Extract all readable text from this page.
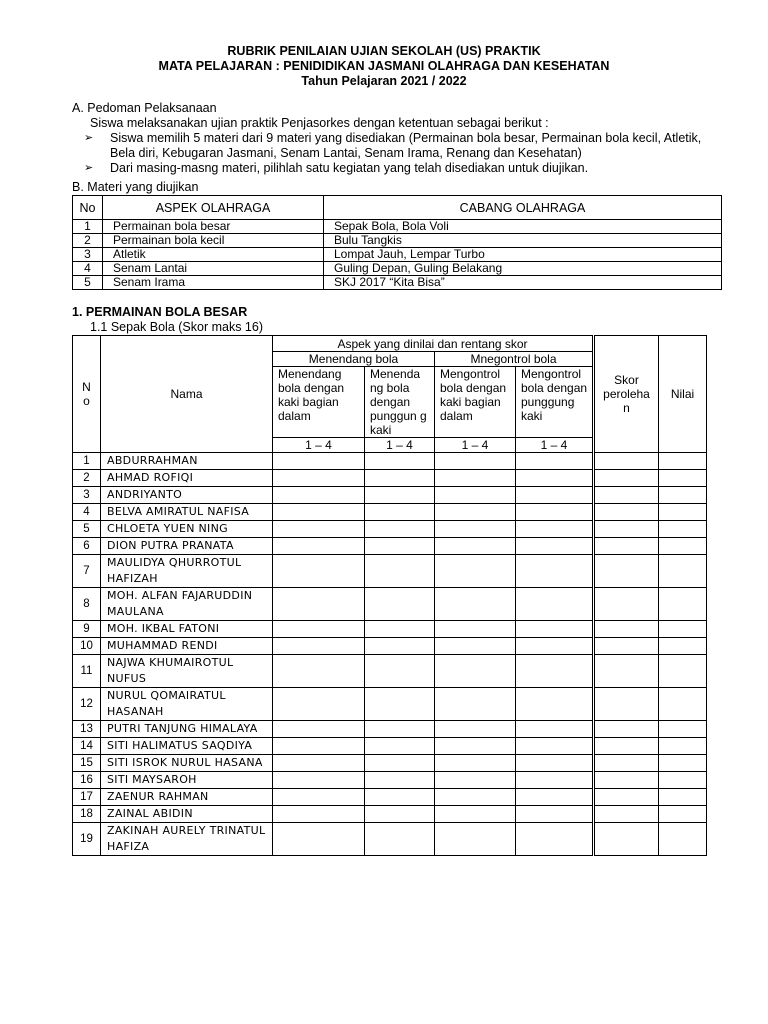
RUBRIK PENILAIAN UJIAN SEKOLAH (US) PRAKTIK
MATA PELAJARAN : PENIDIDIKAN JASMANI OLAHRAGA DAN KESEHATAN
Tahun Pelajaran 2021 / 2022
A. Pedoman Pelaksanaan
Siswa melaksanakan ujian praktik Penjasorkes dengan ketentuan sebagai berikut :
➢ Siswa memilih 5 materi dari 9 materi yang disediakan (Permainan bola besar, Permainan bola kecil, Atletik, Bela diri, Kebugaran Jasmani, Senam Lantai, Senam Irama, Renang dan Kesehatan)
➢ Dari masing-masng materi, pilihlah satu kegiatan yang telah disediakan untuk diujikan.
B. Materi yang diujikan
No	ASPEK OLAHRAGA	CABANG OLAHRAGA
1	Permainan bola besar	Sepak Bola, Bola Voli
2	Permainan bola kecil	Bulu Tangkis
3	Atletik	Lompat Jauh, Lempar Turbo
4	Senam Lantai	Guling Depan, Guling Belakang
5	Senam Irama	SKJ 2017 “Kita Bisa”
1. PERMAINAN BOLA BESAR
1.1 Sepak Bola (Skor maks 16)
N o	Nama	Aspek yang dinilai dan rentang skor				Skor peroleha n	Nilai
		Menendang bola		Mnegontrol bola			
		Menendang bola dengan kaki bagian dalam	Menenda ng bola dengan punggun g kaki	Mengontrol bola dengan kaki bagian dalam	Mengontrol bola dengan punggung kaki		
		1 – 4	1 – 4	1 – 4	1 – 4		
1	ABDURRAHMAN						
2	AHMAD ROFIQI						
3	ANDRIYANTO						
4	BELVA AMIRATUL NAFISA						
5	CHLOETA YUEN NING						
6	DION PUTRA PRANATA						
7	MAULIDYA QHURROTUL HAFIZAH						
8	MOH. ALFAN FAJARUDDIN MAULANA						
9	MOH. IKBAL FATONI						
10	MUHAMMAD RENDI						
11	NAJWA KHUMAIROTUL NUFUS						
12	NURUL QOMAIRATUL HASANAH						
13	PUTRI TANJUNG HIMALAYA						
14	SITI HALIMATUS SAQDIYA						
15	SITI ISROK NURUL HASANA						
16	SITI MAYSAROH						
17	ZAENUR RAHMAN						
18	ZAINAL ABIDIN						
19	ZAKINAH AURELY TRINATUL HAFIZA						
